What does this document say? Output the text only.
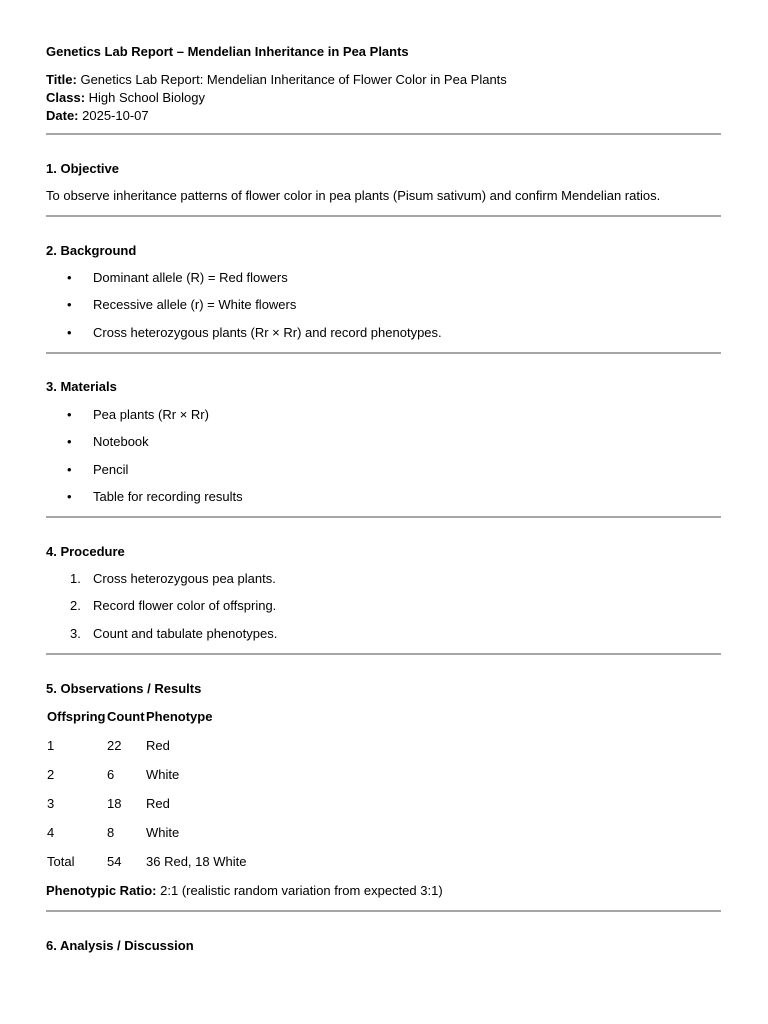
Genetics Lab Report – Mendelian Inheritance in Pea Plants
Title: Genetics Lab Report: Mendelian Inheritance of Flower Color in Pea Plants
Class: High School Biology
Date: 2025-10-07
1. Objective
To observe inheritance patterns of flower color in pea plants (Pisum sativum) and confirm Mendelian ratios.
2. Background
•	Dominant allele (R) = Red flowers
•	Recessive allele (r) = White flowers
•	Cross heterozygous plants (Rr × Rr) and record phenotypes.
3. Materials
•	Pea plants (Rr × Rr)
•	Notebook
•	Pencil
•	Table for recording results
4. Procedure
1. Cross heterozygous pea plants.
2. Record flower color of offspring.
3. Count and tabulate phenotypes.
5. Observations / Results
Offspring Count Phenotype
1	22 Red
2	6 White
3	18 Red
4	8 White
Total	54 36 Red, 18 White
Phenotypic Ratio: 2:1 (realistic random variation from expected 3:1)
6. Analysis / Discussion
